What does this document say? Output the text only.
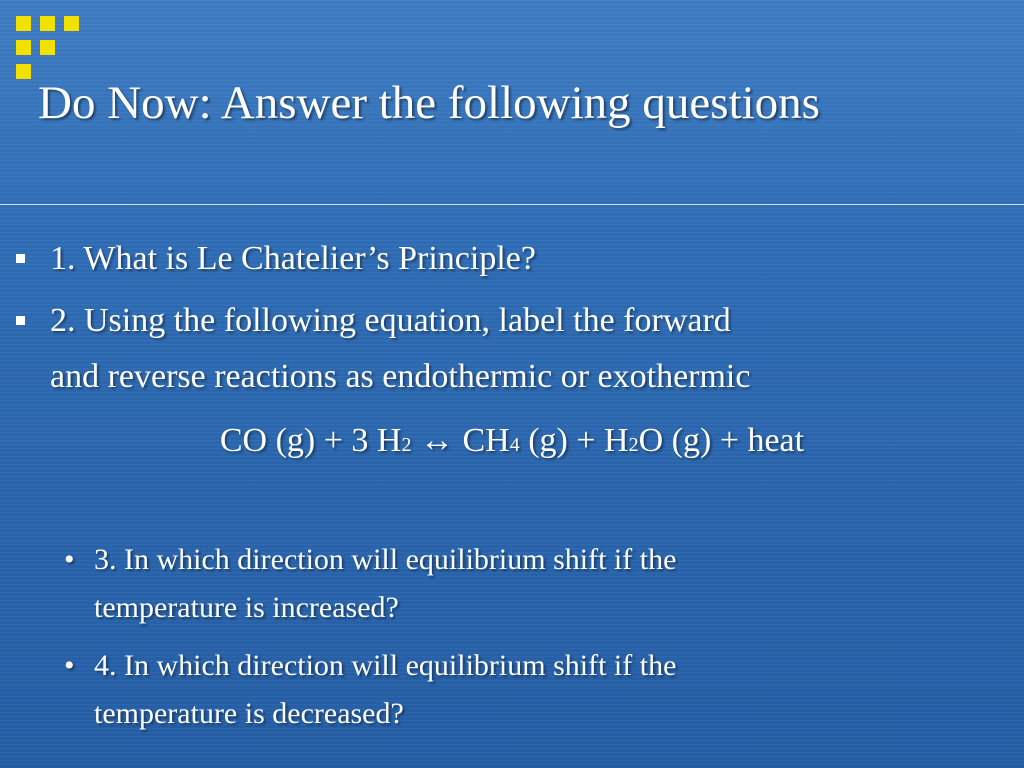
Do Now: Answer the following questions
1. What is Le Chatelier’s Principle?
2. Using the following equation, label the forward
and reverse reactions as endothermic or exothermic
CO (g) + 3 H2 ↔ CH4 (g) + H2O (g) + heat
• 3. In which direction will equilibrium shift if the
temperature is increased?
• 4. In which direction will equilibrium shift if the
temperature is decreased?
